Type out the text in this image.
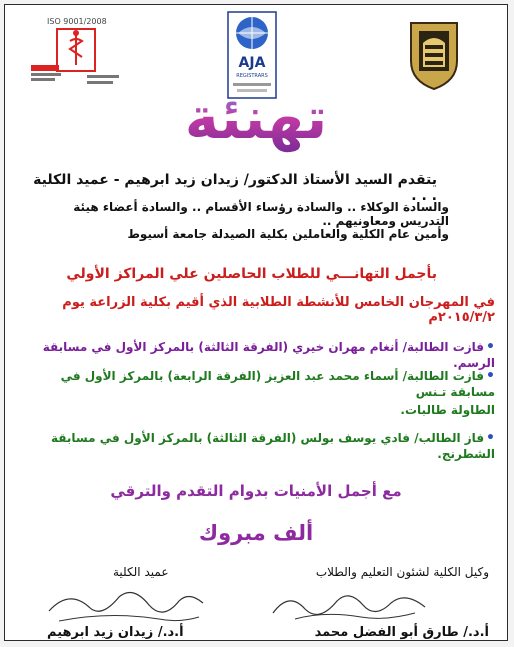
ISO 9001/2008
AJA
REGISTRARS
تهنئة
يتقدم السيد الأستاذ الدكتور/ زيدان زيد ابرهيم - عميد الكلية . . .
والسادة الوكلاء .. والسادة رؤساء الأقسام .. والسادة أعضاء هيئة التدريس ومعاونيهم ..
وأمين عام الكلية والعاملين بكلية الصيدلة جامعة أسيوط
بأجمل التهانـــي للطلاب الحاصلين علي المراكز الأولي
في المهرجان الخامس للأنشطة الطلابية الذي أقيم بكلية الزراعة يوم ٢٠١٥/٣/٢م
•فازت الطالبة/ أنغام مهران خيري (الفرقة الثالثة) بالمركز الأول في مسابقة الرسم.
•فازت الطالبة/ أسماء محمد عبد العزيز (الفرقة الرابعة) بالمركز الأول في مسابقة تـنس
الطاولة طالبات.
•فاز الطالب/ فادي يوسف بولس (الفرقة الثالثة) بالمركز الأول في مسابقة الشطرنج.
مع أجمل الأمنيات بدوام التقدم والترقي
ألف مبروك
وكيل الكلية لشئون التعليم والطلاب
عميد الكلية
أ.د./ طارق أبو الفضل محمد
أ.د./ زيدان زيد ابرهيم
